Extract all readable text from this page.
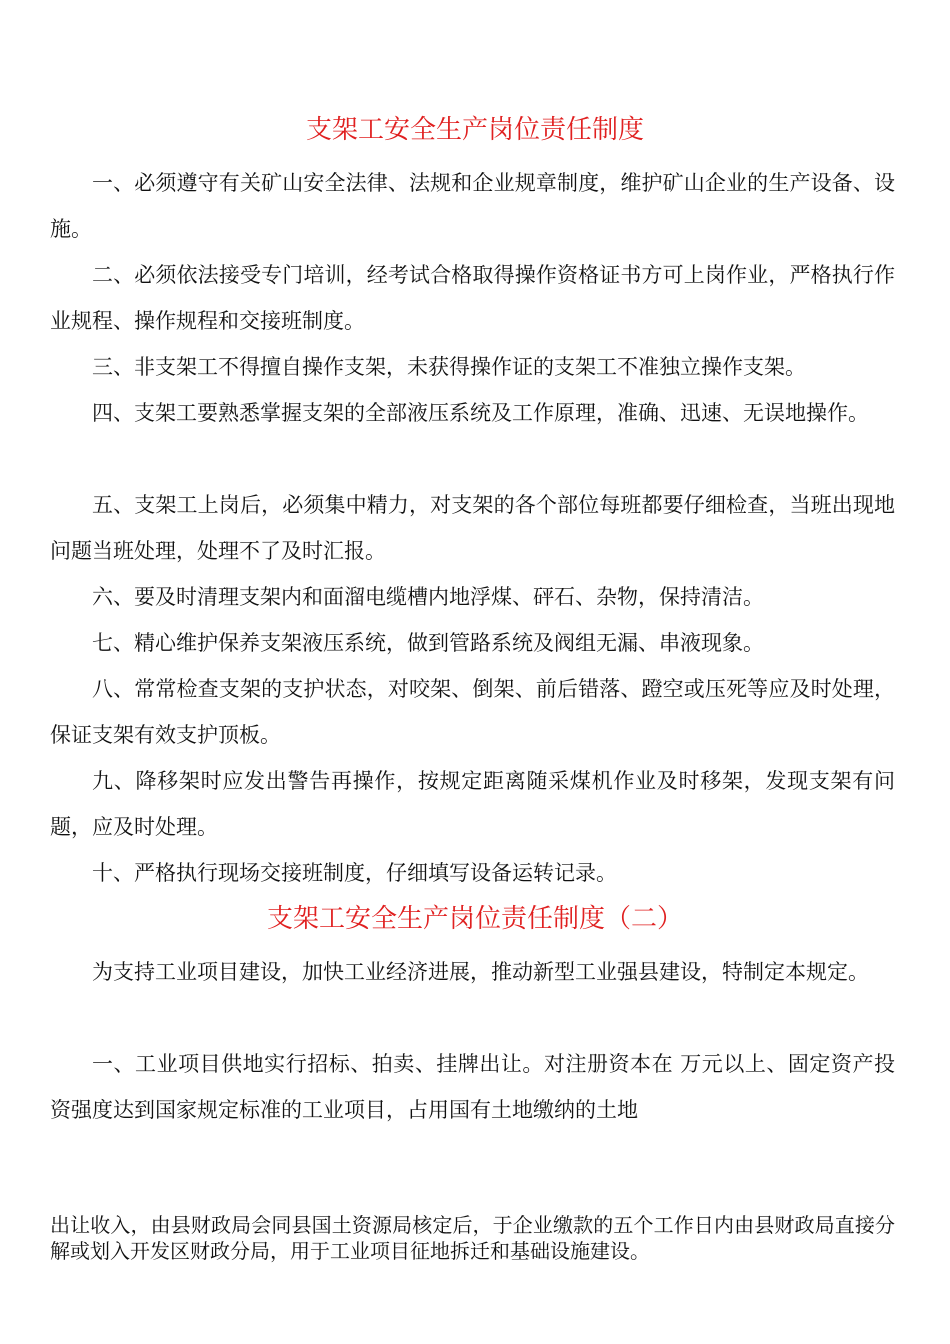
支架工安全生产岗位责任制度

一、必须遵守有关矿山安全法律、法规和企业规章制度，维护矿山企业的生产设备、设施。

二、必须依法接受专门培训，经考试合格取得操作资格证书方可上岗作业，严格执行作业规程、操作规程和交接班制度。

三、非支架工不得擅自操作支架，未获得操作证的支架工不准独立操作支架。

四、支架工要熟悉掌握支架的全部液压系统及工作原理，准确、迅速、无误地操作。

五、支架工上岗后，必须集中精力，对支架的各个部位每班都要仔细检查，当班出现地问题当班处理，处理不了及时汇报。

六、要及时清理支架内和面溜电缆槽内地浮煤、砰石、杂物，保持清洁。

七、精心维护保养支架液压系统，做到管路系统及阀组无漏、串液现象。

八、常常检查支架的支护状态，对咬架、倒架、前后错落、蹬空或压死等应及时处理，保证支架有效支护顶板。

九、降移架时应发出警告再操作，按规定距离随采煤机作业及时移架，发现支架有问题，应及时处理。

十、严格执行现场交接班制度，仔细填写设备运转记录。

支架工安全生产岗位责任制度（二）

为支持工业项目建设，加快工业经济进展，推动新型工业强县建设，特制定本规定。

一、工业项目供地实行招标、拍卖、挂牌出让。对注册资本在 万元以上、固定资产投资强度达到国家规定标准的工业项目，占用国有土地缴纳的土地

出让收入，由县财政局会同县国土资源局核定后，于企业缴款的五个工作日内由县财政局直接分解或划入开发区财政分局，用于工业项目征地拆迁和基础设施建设。
